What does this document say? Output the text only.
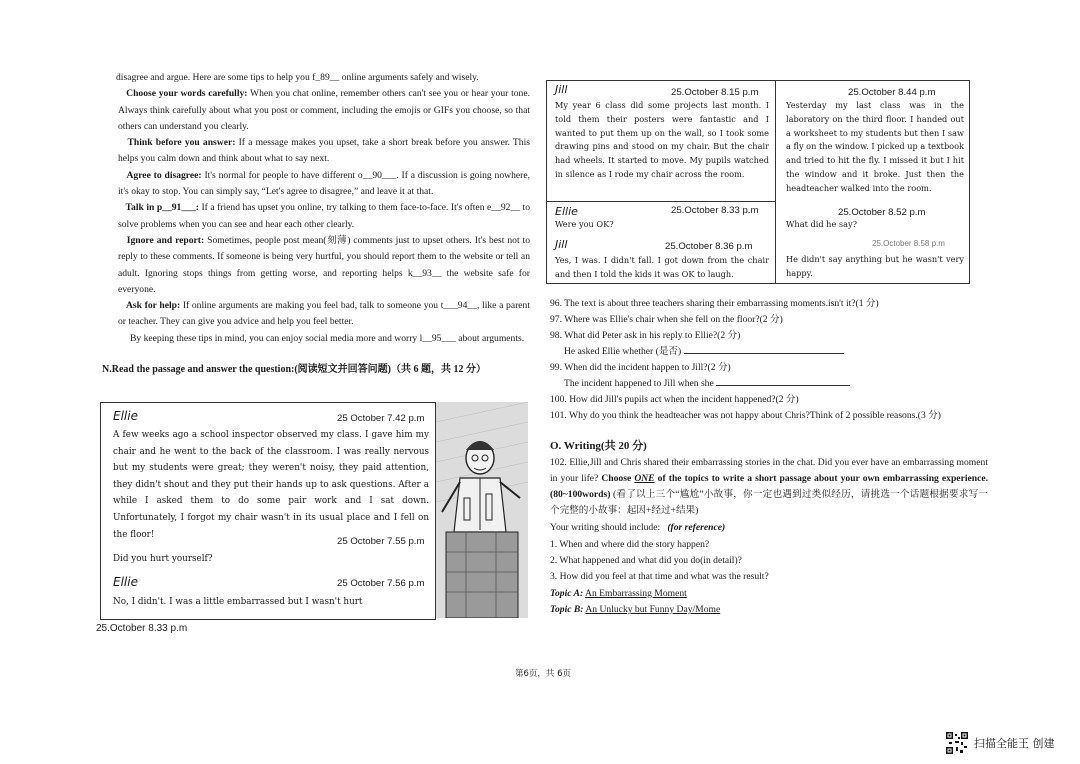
disagree and argue. Here are some tips to help you f_89__ online arguments safely and wisely.

Choose your words carefully: When you chat online, remember others can't see you or hear your tone. Always think carefully about what you post or comment, including the emojis or GIFs you choose, so that others can understand you clearly.

Think before you answer: If a message makes you upset, take a short break before you answer. This helps you calm down and think about what to say next.

Agree to disagree: It's normal for people to have different o__90___. If a discussion is going nowhere, it's okay to stop. You can simply say, “Let's agree to disagree,” and leave it at that.

Talk in p__91___: If a friend has upset you online, try talking to them face-to-face. It's often e__92__ to solve problems when you can see and hear each other clearly.

Ignore and report: Sometimes, people post mean(刻薄) comments just to upset others. It's best not to reply to these comments. If someone is being very hurtful, you should report them to the website or tell an adult. Ignoring stops things from getting worse, and reporting helps k__93__ the website safe for everyone.

Ask for help: If online arguments are making you feel bad, talk to someone you t___94__, like a parent or teacher. They can give you advice and help you feel better.

By keeping these tips in mind, you can enjoy social media more and worry l__95___ about arguments.

N.Read the passage and answer the question:(阅读短文并回答问题)（共 6 题，共 12 分）
Ellie	25 October 7.42 p.m
A few weeks ago a school inspector observed my class. I gave him my chair and he went to the back of the classroom. I was really nervous but my students were great; they weren't noisy, they paid attention, they didn't shout and they put their hands up to ask questions. After a while I asked them to do some pair work and I sat down. Unfortunately, I forgot my chair wasn't in its usual place and I fell on the floor!
25 October 7.55 p.m
Did you hurt yourself?
Ellie	25 October 7.56 p.m
No, I didn't. I was a little embarrassed but I wasn't hurt
25.October 8.33 p.m
Jill	25.October 8.15 p.m
My year 6 class did some projects last month. I told them their posters were fantastic and I wanted to put them up on the wall, so I took some drawing pins and stood on my chair. But the chair had wheels. It started to move. My pupils watched in silence as I rode my chair across the room.
Ellie	25.October 8.33 p.m
Were you OK?
Jill	25.October 8.36 p.m
Yes, I was. I didn't fall. I got down from the chair and then I told the kids it was OK to laugh.
25.October 8.44 p.m
Yesterday my last class was in the laboratory on the third floor. I handed out a worksheet to my students but then I saw a fly on the window. I picked up a textbook and tried to hit the fly. I missed it but I hit the window and it broke. Just then the headteacher walked into the room.
25.October 8.52 p.m
What did he say?
25.October 8.58 p.m
He didn't say anything but he wasn't very happy.
96. The text is about three teachers sharing their embarrassing moments.isn't it?(1 分)
97. Where was Ellie's chair when she fell on the floor?(2 分)
98. What did Peter ask in his reply to Ellie?(2 分)
He asked Ellie whether (是否)
99. When did the incident happen to Jill?(2 分)
The incident happened to Jill when she
100. How did Jill's pupils act when the incident happened?(2 分)
101. Why do you think the headteacher was not happy about Chris?Think of 2 possible reasons.(3 分)
O. Writing(共 20 分)
102. Ellie,Jill and Chris shared their embarrassing stories in the chat. Did you ever have an embarrassing moment in your life? Choose ONE of the topics to write a short passage about your own embarrassing experience. (80~100words) (看了以上三个“尴尬”小故事，你一定也遇到过类似经历，请挑选一个话题根据要求写一个完整的小故事：起因+经过+结果)
Your writing should include: (for reference)
1. When and where did the story happen?
2. What happened and what did you do(in detail)?
3. How did you feel at that time and what was the result?
Topic A: An Embarrassing Moment
Topic B: An Unlucky but Funny Day/Mome
第6页，共 6页
扫描全能王 创建
